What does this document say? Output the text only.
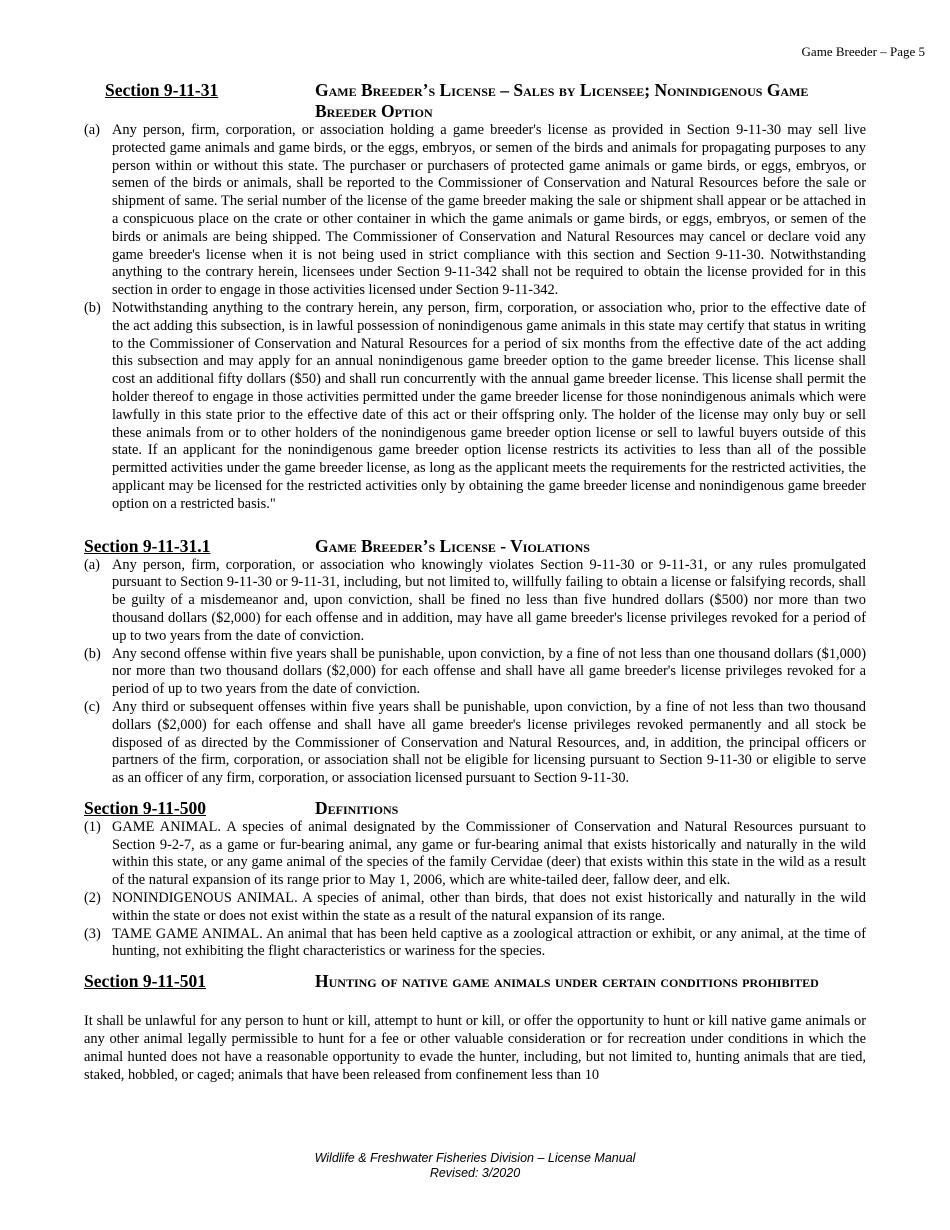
Game Breeder – Page 5
Section 9-11-31	Game Breeder’s License – Sales by Licensee; Nonindigenous Game Breeder Option
(a) Any person, firm, corporation, or association holding a game breeder's license as provided in Section 9-11-30 may sell live protected game animals and game birds, or the eggs, embryos, or semen of the birds and animals for propagating purposes to any person within or without this state. The purchaser or purchasers of protected game animals or game birds, or eggs, embryos, or semen of the birds or animals, shall be reported to the Commissioner of Conservation and Natural Resources before the sale or shipment of same. The serial number of the license of the game breeder making the sale or shipment shall appear or be attached in a conspicuous place on the crate or other container in which the game animals or game birds, or eggs, embryos, or semen of the birds or animals are being shipped. The Commissioner of Conservation and Natural Resources may cancel or declare void any game breeder's license when it is not being used in strict compliance with this section and Section 9-11-30. Notwithstanding anything to the contrary herein, licensees under Section 9-11-342 shall not be required to obtain the license provided for in this section in order to engage in those activities licensed under Section 9-11-342.
(b) Notwithstanding anything to the contrary herein, any person, firm, corporation, or association who, prior to the effective date of the act adding this subsection, is in lawful possession of nonindigenous game animals in this state may certify that status in writing to the Commissioner of Conservation and Natural Resources for a period of six months from the effective date of the act adding this subsection and may apply for an annual nonindigenous game breeder option to the game breeder license. This license shall cost an additional fifty dollars ($50) and shall run concurrently with the annual game breeder license. This license shall permit the holder thereof to engage in those activities permitted under the game breeder license for those nonindigenous animals which were lawfully in this state prior to the effective date of this act or their offspring only. The holder of the license may only buy or sell these animals from or to other holders of the nonindigenous game breeder option license or sell to lawful buyers outside of this state. If an applicant for the nonindigenous game breeder option license restricts its activities to less than all of the possible permitted activities under the game breeder license, as long as the applicant meets the requirements for the restricted activities, the applicant may be licensed for the restricted activities only by obtaining the game breeder license and nonindigenous game breeder option on a restricted basis."
Section 9-11-31.1	Game Breeder’s License - Violations
(a) Any person, firm, corporation, or association who knowingly violates Section 9-11-30 or 9-11-31, or any rules promulgated pursuant to Section 9-11-30 or 9-11-31, including, but not limited to, willfully failing to obtain a license or falsifying records, shall be guilty of a misdemeanor and, upon conviction, shall be fined no less than five hundred dollars ($500) nor more than two thousand dollars ($2,000) for each offense and in addition, may have all game breeder's license privileges revoked for a period of up to two years from the date of conviction.
(b) Any second offense within five years shall be punishable, upon conviction, by a fine of not less than one thousand dollars ($1,000) nor more than two thousand dollars ($2,000) for each offense and shall have all game breeder's license privileges revoked for a period of up to two years from the date of conviction.
(c) Any third or subsequent offenses within five years shall be punishable, upon conviction, by a fine of not less than two thousand dollars ($2,000) for each offense and shall have all game breeder's license privileges revoked permanently and all stock be disposed of as directed by the Commissioner of Conservation and Natural Resources, and, in addition, the principal officers or partners of the firm, corporation, or association shall not be eligible for licensing pursuant to Section 9-11-30 or eligible to serve as an officer of any firm, corporation, or association licensed pursuant to Section 9-11-30.
Section 9-11-500	Definitions
(1) GAME ANIMAL. A species of animal designated by the Commissioner of Conservation and Natural Resources pursuant to Section 9-2-7, as a game or fur-bearing animal, any game or fur-bearing animal that exists historically and naturally in the wild within this state, or any game animal of the species of the family Cervidae (deer) that exists within this state in the wild as a result of the natural expansion of its range prior to May 1, 2006, which are white-tailed deer, fallow deer, and elk.
(2) NONINDIGENOUS ANIMAL. A species of animal, other than birds, that does not exist historically and naturally in the wild within the state or does not exist within the state as a result of the natural expansion of its range.
(3) TAME GAME ANIMAL. An animal that has been held captive as a zoological attraction or exhibit, or any animal, at the time of hunting, not exhibiting the flight characteristics or wariness for the species.
Section 9-11-501	Hunting of native game animals under certain conditions prohibited
It shall be unlawful for any person to hunt or kill, attempt to hunt or kill, or offer the opportunity to hunt or kill native game animals or any other animal legally permissible to hunt for a fee or other valuable consideration or for recreation under conditions in which the animal hunted does not have a reasonable opportunity to evade the hunter, including, but not limited to, hunting animals that are tied, staked, hobbled, or caged; animals that have been released from confinement less than 10
Wildlife & Freshwater Fisheries Division – License Manual
Revised: 3/2020
